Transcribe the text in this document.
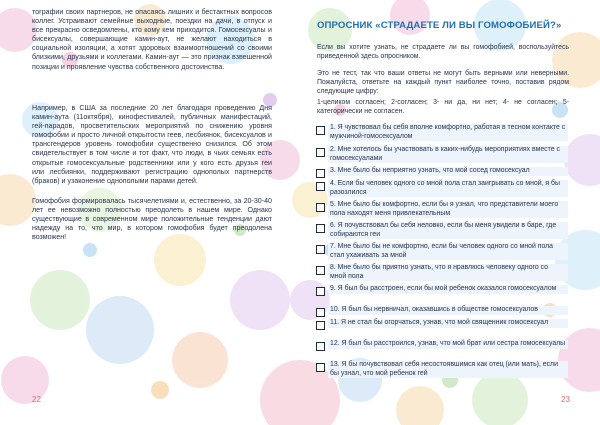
тографии своих партнеров, не опасаясь лишних и бестактных вопросов коллег. Устраивают семейные выходные, поездки на дачи, в отпуск и все прекрасно осведомлены, кто кому кем приходится. Гомосексуалы и бисексуалы, совершающие камин-аут, не желают находиться в социальной изоляции, а хотят здоровых взаимоотношений со своими близкими, друзьями и коллегами. Камин-аут — это признак взвешенной позиции и проявление чувства собственного достоинства.
Например, в США за последние 20 лет благодаря проведению Дня камин-аута (11октября), кинофестивалей, публичных манифестаций, гей-парадов, просветительских мероприятий по снижению уровня гомофобии и просто личной открытости геев, лесбиянок, бисексуалов и трансгендеров уровень гомофобии существенно снизился. Об этом свидетельствует в том числе и тот факт, что люди, в чьих семьях есть открытые гомосексуальные родственники или у кого есть друзья геи или лесбиянки, поддерживают регистрацию однополых партнерств (браков) и узаконение однополыми парами детей.
Гомофобия формировалась тысячелетиями и, естественно, за 20-30-40 лет ее невозможно полностью преодолеть в нашем мире. Однако существующие в современном мире положительные тенденции дают надежду на то, что мир, в котором гомофобия будет преодолена возможен!
22
ОПРОСНИК «СТРАДАЕТЕ ЛИ ВЫ ГОМОФОБИЕЙ?»
Если вы хотите узнать, не страдаете ли вы гомофобией, воспользуйтесь приведенной здесь опросником.
Это не тест, так что ваши ответы не могут быть верными или неверными. Пожалуйста, ответьте на каждый пункт наиболее точно, поставив рядом следующие цифру:
1-целиком согласен; 2-согласен; 3- ни да, ни нет; 4- не согласен; 5-категорически не согласен.
1. Я чувствовал бы себя вполне комфортно, работая в тесном контакте с мужчиной-гомосексуалом
2. Мне хотелось бы участвовать в каких-нибудь мероприятиях вместе с гомосексуалами
3. Мне было бы неприятно узнать, что мой сосед гомосексуал
4. Если бы человек одного со мной пола стал заигрывать со мной, я бы разозлился
5. Мне было бы комфортно, если бы я узнал, что представители моего пола находят меня привлекательным
6. Я почувствовал бы себя неловко, если бы меня увидели в баре, где собираются геи
7. Мне было бы не комфортно, если бы человек одного со мной пола стал ухаживать за мной
8. Мне было бы приятно узнать, что я нравлюсь человеку одного со мной пола
9. Я был бы расстроен, если бы мой ребенок оказался гомосексуалом
10. Я был бы нервничал, оказавшись в обществе гомосексуалов
11. Я не стал бы огорчаться, узнав, что мой священник гомосексуал
12. Я был бы расстроился, узнав, что мой брат или сестра гомосексуалы
13. Я бы почувствовал себя несостоявшимся как отец (или мать), если бы узнал, что мой ребенок гей
23
